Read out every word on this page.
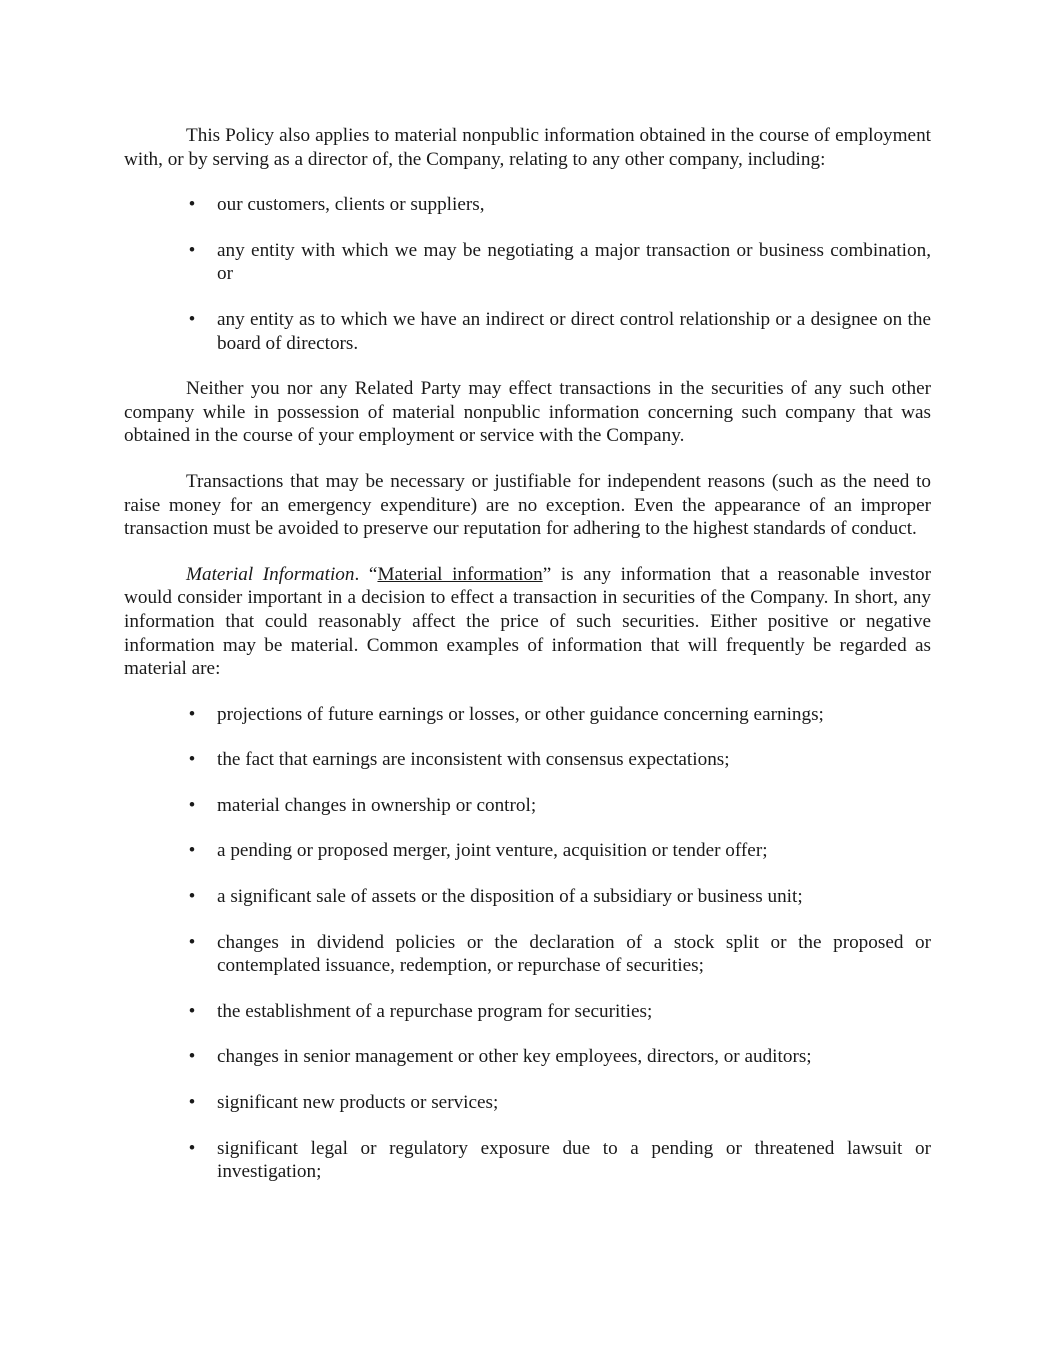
This Policy also applies to material nonpublic information obtained in the course of employment with, or by serving as a director of, the Company, relating to any other company, including:

• our customers, clients or suppliers,
• any entity with which we may be negotiating a major transaction or business combination, or
• any entity as to which we have an indirect or direct control relationship or a designee on the board of directors.

Neither you nor any Related Party may effect transactions in the securities of any such other company while in possession of material nonpublic information concerning such company that was obtained in the course of your employment or service with the Company.

Transactions that may be necessary or justifiable for independent reasons (such as the need to raise money for an emergency expenditure) are no exception. Even the appearance of an improper transaction must be avoided to preserve our reputation for adhering to the highest standards of conduct.

Material Information. “Material information” is any information that a reasonable investor would consider important in a decision to effect a transaction in securities of the Company. In short, any information that could reasonably affect the price of such securities. Either positive or negative information may be material. Common examples of information that will frequently be regarded as material are:

• projections of future earnings or losses, or other guidance concerning earnings;
• the fact that earnings are inconsistent with consensus expectations;
• material changes in ownership or control;
• a pending or proposed merger, joint venture, acquisition or tender offer;
• a significant sale of assets or the disposition of a subsidiary or business unit;
• changes in dividend policies or the declaration of a stock split or the proposed or contemplated issuance, redemption, or repurchase of securities;
• the establishment of a repurchase program for securities;
• changes in senior management or other key employees, directors, or auditors;
• significant new products or services;
• significant legal or regulatory exposure due to a pending or threatened lawsuit or investigation;
